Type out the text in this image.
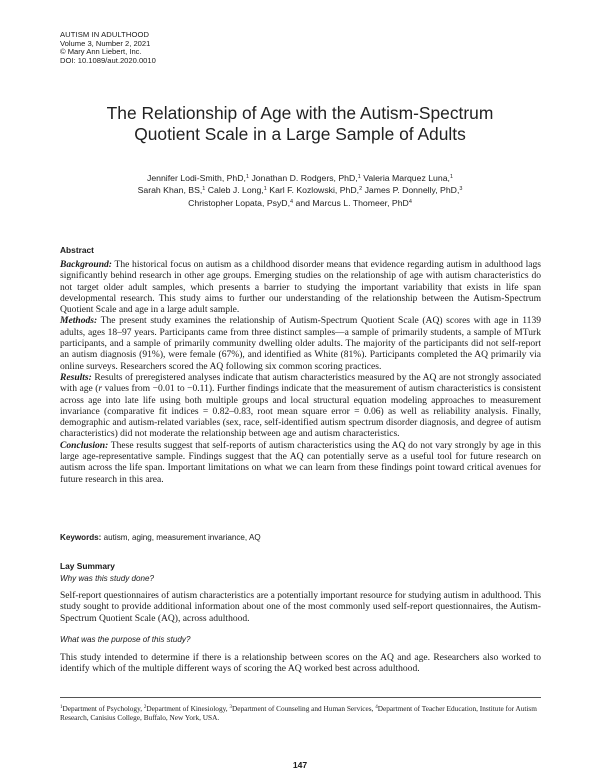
AUTISM IN ADULTHOOD
Volume 3, Number 2, 2021
© Mary Ann Liebert, Inc.
DOI: 10.1089/aut.2020.0010
The Relationship of Age with the Autism-Spectrum
Quotient Scale in a Large Sample of Adults
Jennifer Lodi-Smith, PhD,$^1$ Jonathan D. Rodgers, PhD,$^1$ Valeria Marquez Luna,$^1$
Sarah Khan, BS,$^1$ Caleb J. Long,$^1$ Karl F. Kozlowski, PhD,$^2$ James P. Donnelly, PhD,$^3$
Christopher Lopata, PsyD,$^4$ and Marcus L. Thomeer, PhD$^4$
Abstract

Background: The historical focus on autism as a childhood disorder means that evidence regarding autism in adulthood lags significantly behind research in other age groups. Emerging studies on the relationship of age with autism characteristics do not target older adult samples, which presents a barrier to studying the important variability that exists in life span developmental research. This study aims to further our understanding of the relationship between the Autism-Spectrum Quotient Scale and age in a large adult sample.

Methods: The present study examines the relationship of Autism-Spectrum Quotient Scale (AQ) scores with age in 1139 adults, ages 18–97 years. Participants came from three distinct samples—a sample of primarily students, a sample of MTurk participants, and a sample of primarily community dwelling older adults. The majority of the participants did not self-report an autism diagnosis (91%), were female (67%), and identified as White (81%). Participants completed the AQ primarily via online surveys. Researchers scored the AQ following six common scoring practices.

Results: Results of preregistered analyses indicate that autism characteristics measured by the AQ are not strongly associated with age (r values from −0.01 to −0.11). Further findings indicate that the measurement of autism characteristics is consistent across age into late life using both multiple groups and local structural equation modeling approaches to measurement invariance (comparative fit indices = 0.82–0.83, root mean square error = 0.06) as well as reliability analysis. Finally, demographic and autism-related variables (sex, race, self-identified autism spectrum disorder diagnosis, and degree of autism characteristics) did not moderate the relationship between age and autism characteristics.

Conclusion: These results suggest that self-reports of autism characteristics using the AQ do not vary strongly by age in this large age-representative sample. Findings suggest that the AQ can potentially serve as a useful tool for future research on autism across the life span. Important limitations on what we can learn from these findings point toward critical avenues for future research in this area.

Keywords: autism, aging, measurement invariance, AQ
Lay Summary
Why was this study done?

Self-report questionnaires of autism characteristics are a potentially important resource for studying autism in adulthood. This study sought to provide additional information about one of the most commonly used self-report questionnaires, the Autism-Spectrum Quotient Scale (AQ), across adulthood.

What was the purpose of this study?

This study intended to determine if there is a relationship between scores on the AQ and age. Researchers also worked to identify which of the multiple different ways of scoring the AQ worked best across adulthood.

$^1$Department of Psychology, $^2$Department of Kinesiology, $^3$Department of Counseling and Human Services, $^4$Department of Teacher Education, Institute for Autism Research, Canisius College, Buffalo, New York, USA.

147
